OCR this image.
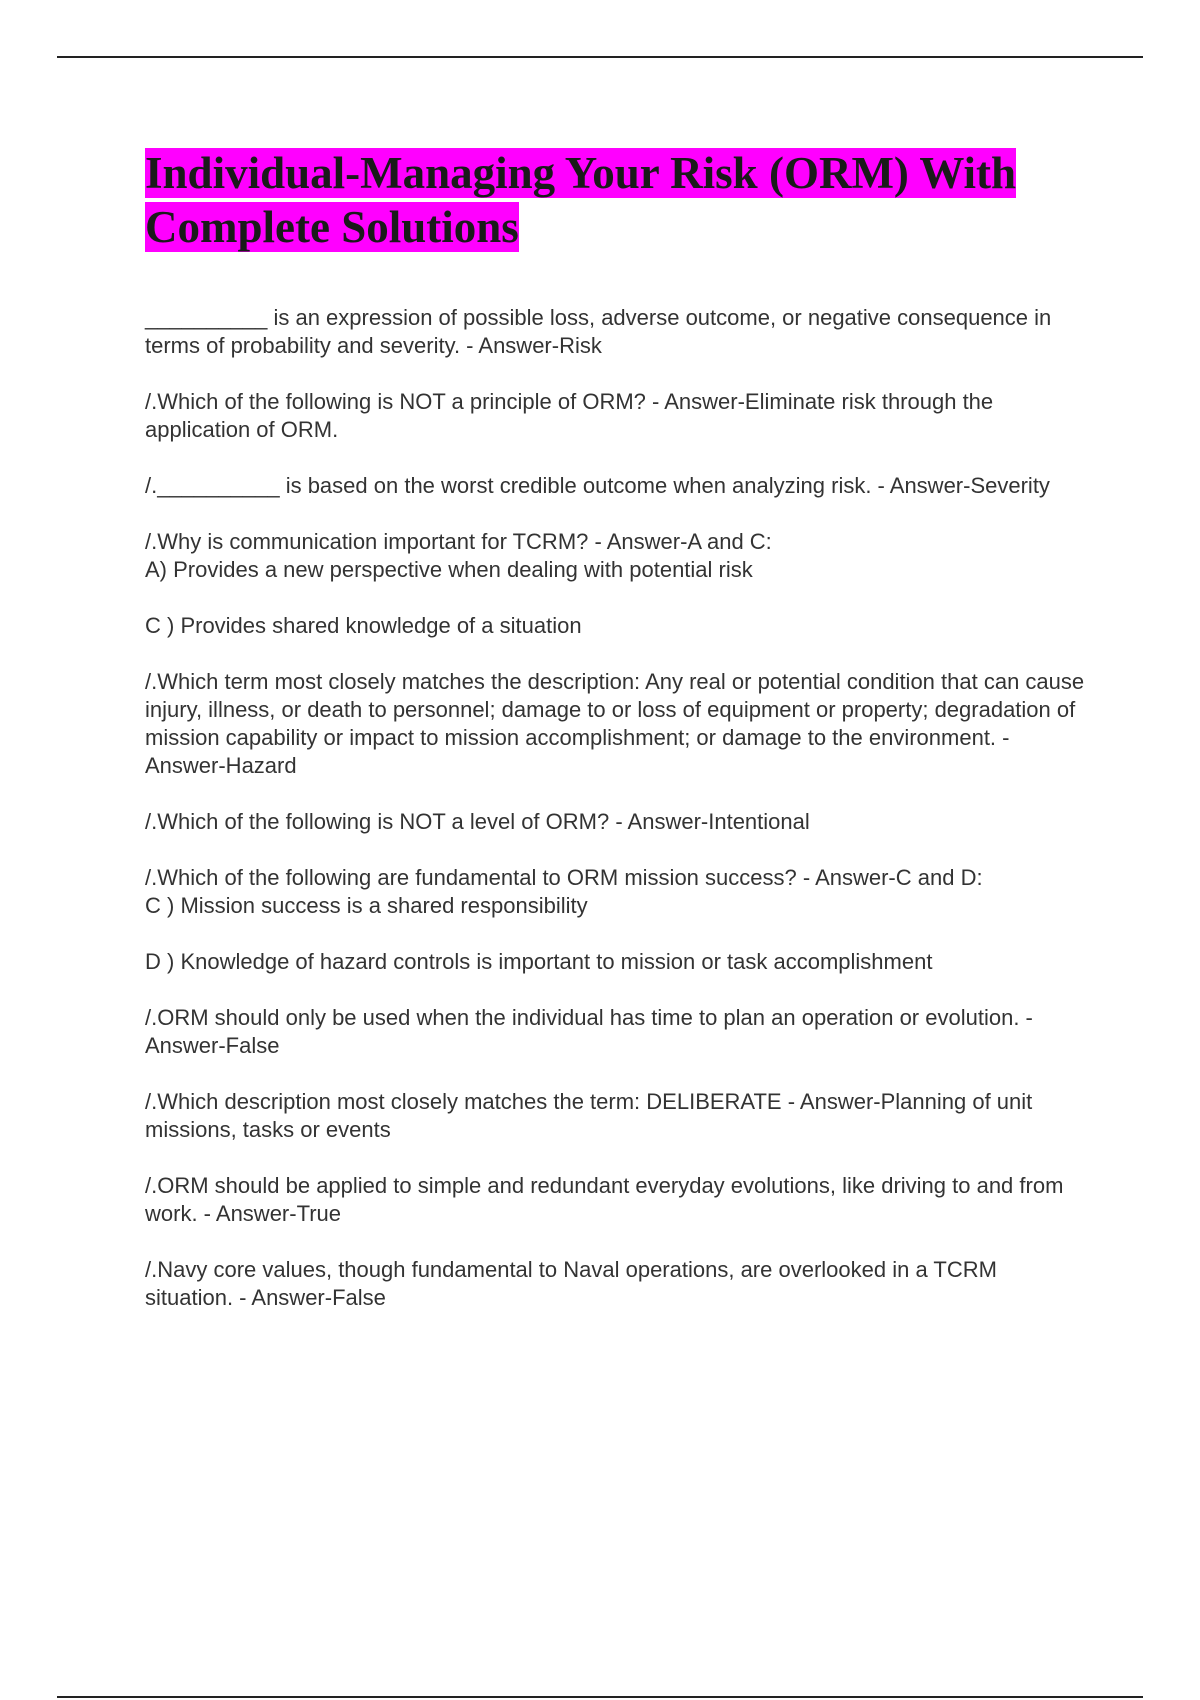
Individual-Managing Your Risk (ORM) With Complete Solutions

__________ is an expression of possible loss, adverse outcome, or negative consequence in terms of probability and severity. - Answer-Risk

/.Which of the following is NOT a principle of ORM? - Answer-Eliminate risk through the application of ORM.

/.__________ is based on the worst credible outcome when analyzing risk. - Answer-Severity

/.Why is communication important for TCRM? - Answer-A and C:
A) Provides a new perspective when dealing with potential risk

C ) Provides shared knowledge of a situation

/.Which term most closely matches the description: Any real or potential condition that can cause injury, illness, or death to personnel; damage to or loss of equipment or property; degradation of mission capability or impact to mission accomplishment; or damage to the environment. - Answer-Hazard

/.Which of the following is NOT a level of ORM? - Answer-Intentional

/.Which of the following are fundamental to ORM mission success? - Answer-C and D:
C ) Mission success is a shared responsibility

D ) Knowledge of hazard controls is important to mission or task accomplishment

/.ORM should only be used when the individual has time to plan an operation or evolution. - Answer-False

/.Which description most closely matches the term: DELIBERATE - Answer-Planning of unit missions, tasks or events

/.ORM should be applied to simple and redundant everyday evolutions, like driving to and from work. - Answer-True

/.Navy core values, though fundamental to Naval operations, are overlooked in a TCRM situation. - Answer-False
